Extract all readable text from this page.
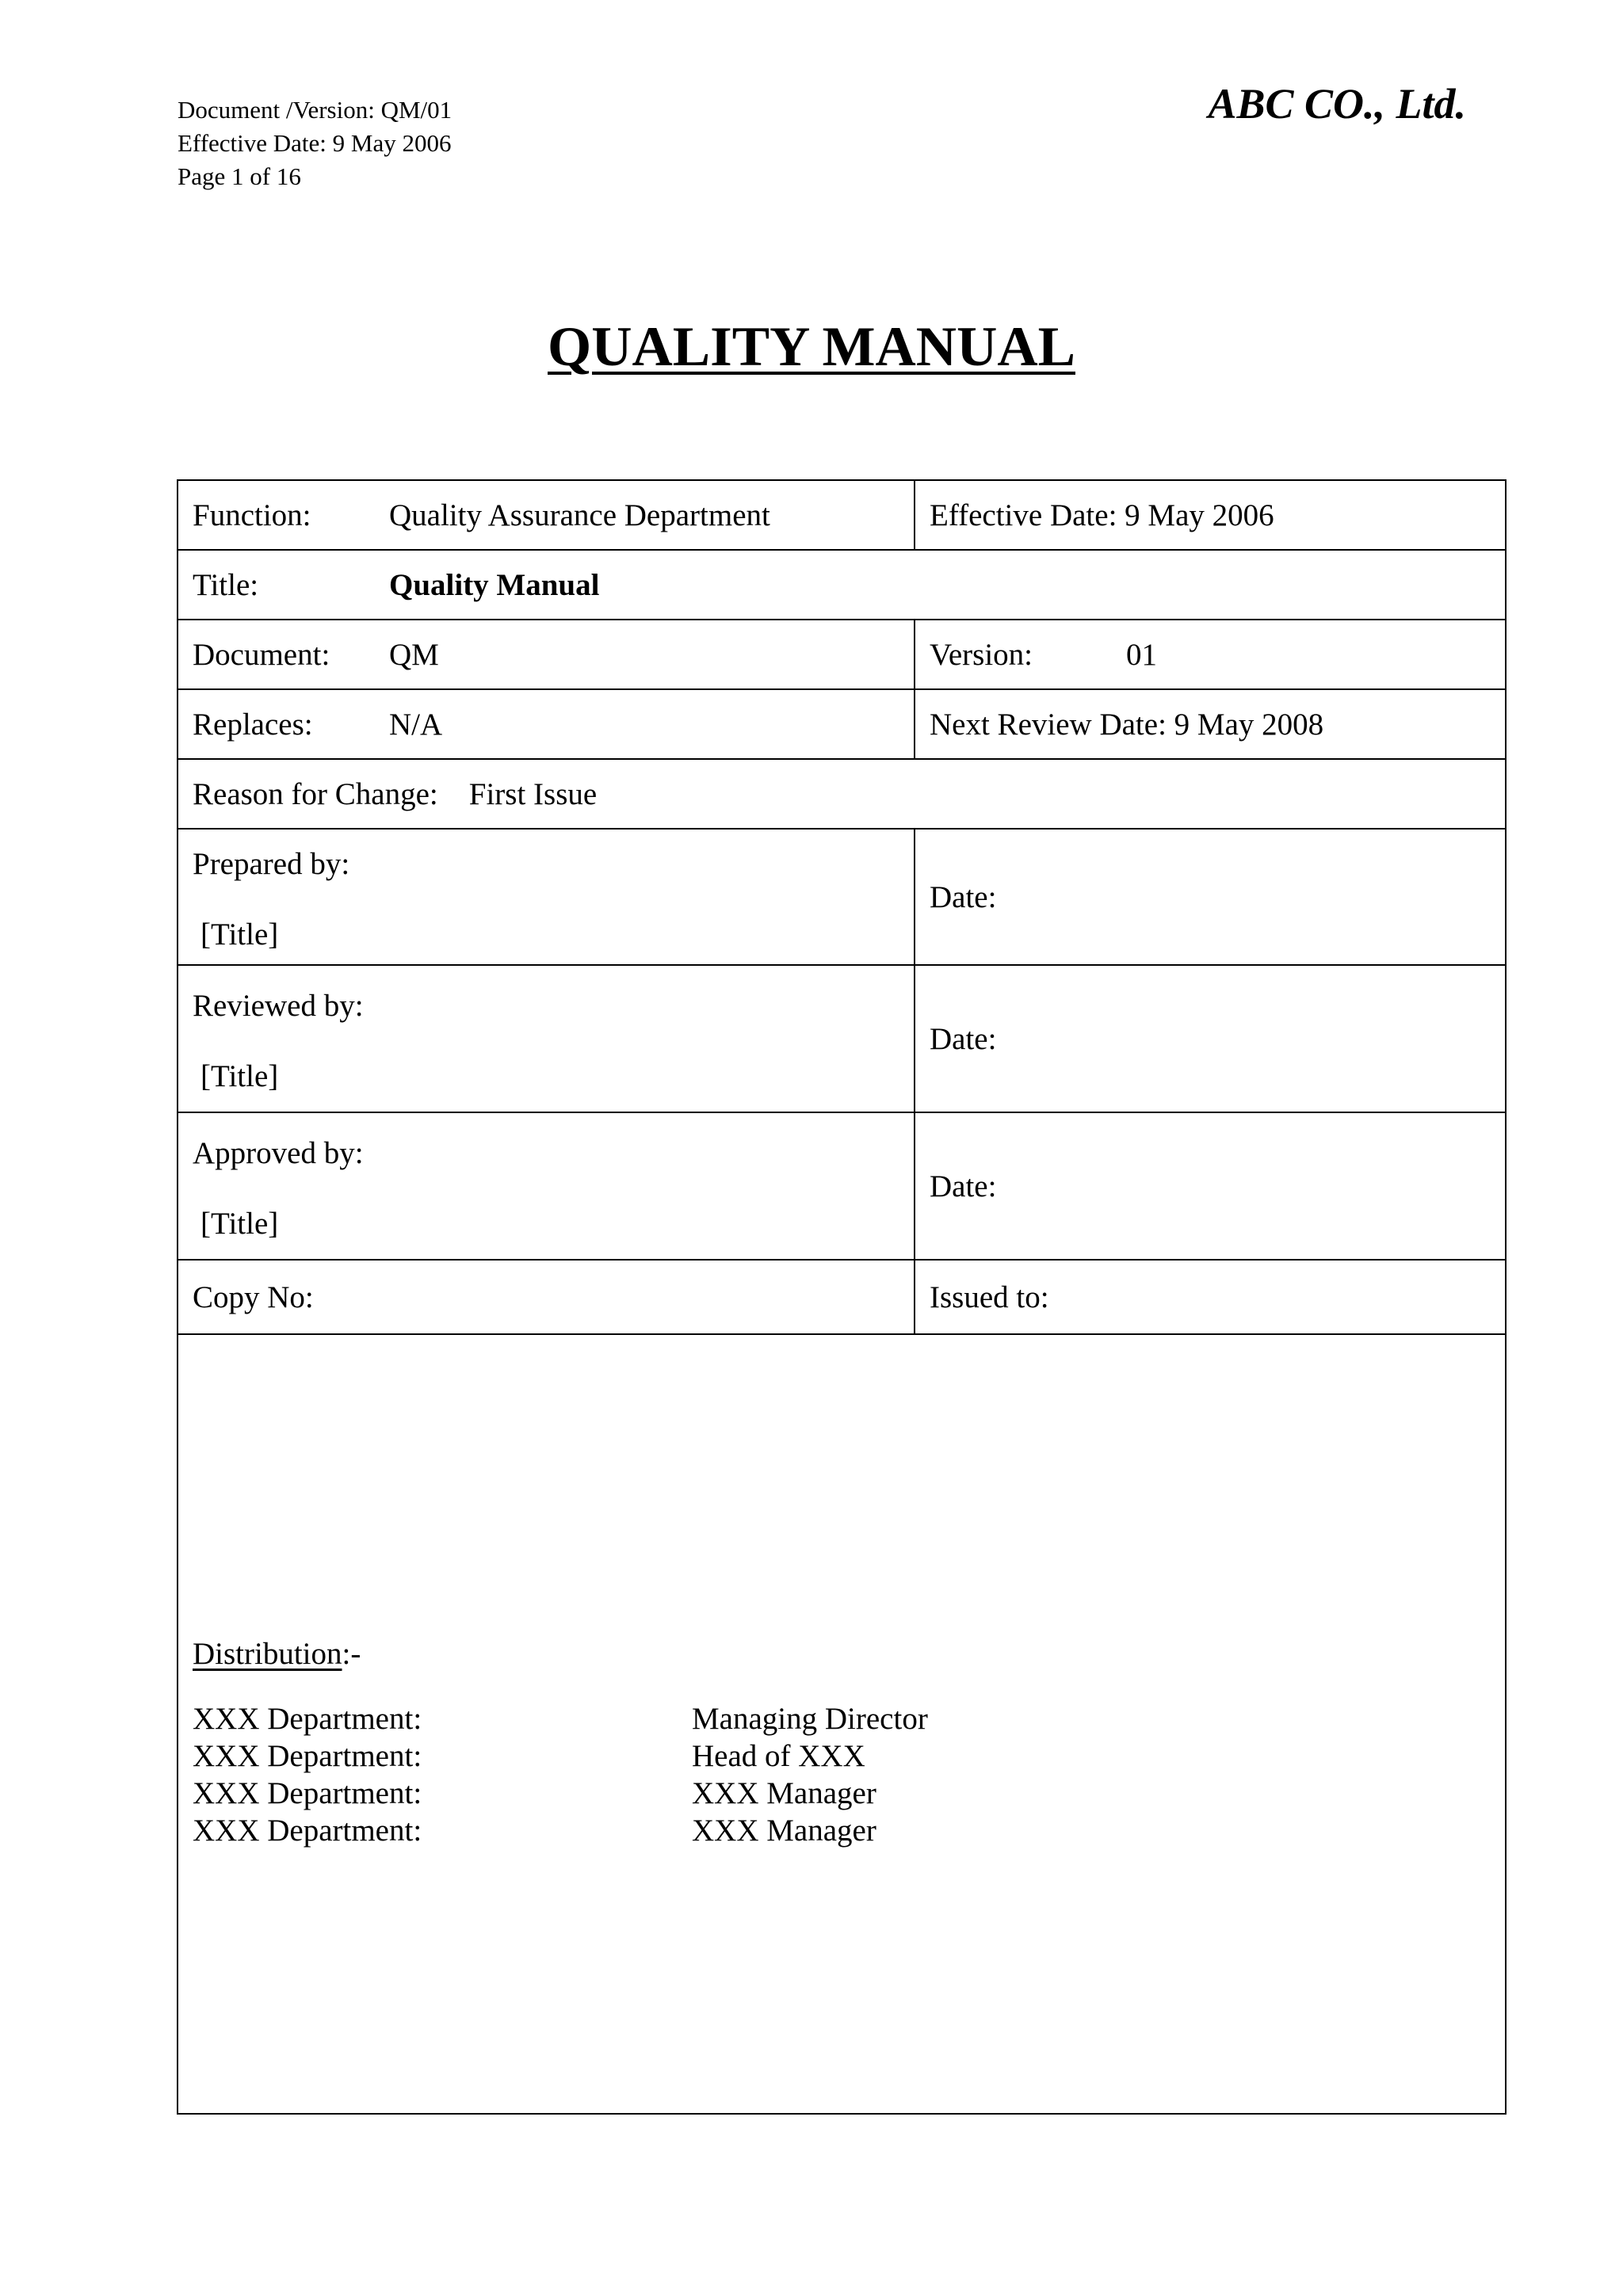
Document /Version: QM/01
Effective Date: 9 May 2006
Page 1 of 16
ABC CO., Ltd.
QUALITY MANUAL
Function: Quality Assurance Department	Effective Date: 9 May 2006
Title: Quality Manual	
Document: QM	Version: 01
Replaces: N/A	Next Review Date: 9 May 2008
Reason for Change: First Issue	

Prepared by:
[Title]	Date:

Reviewed by:
[Title]	Date:

Approved by:
[Title]	Date:
Copy No:	Issued to:

Distribution:-
XXX Department: Managing Director
XXX Department: Head of XXX
XXX Department: XXX Manager
XXX Department: XXX Manager	
